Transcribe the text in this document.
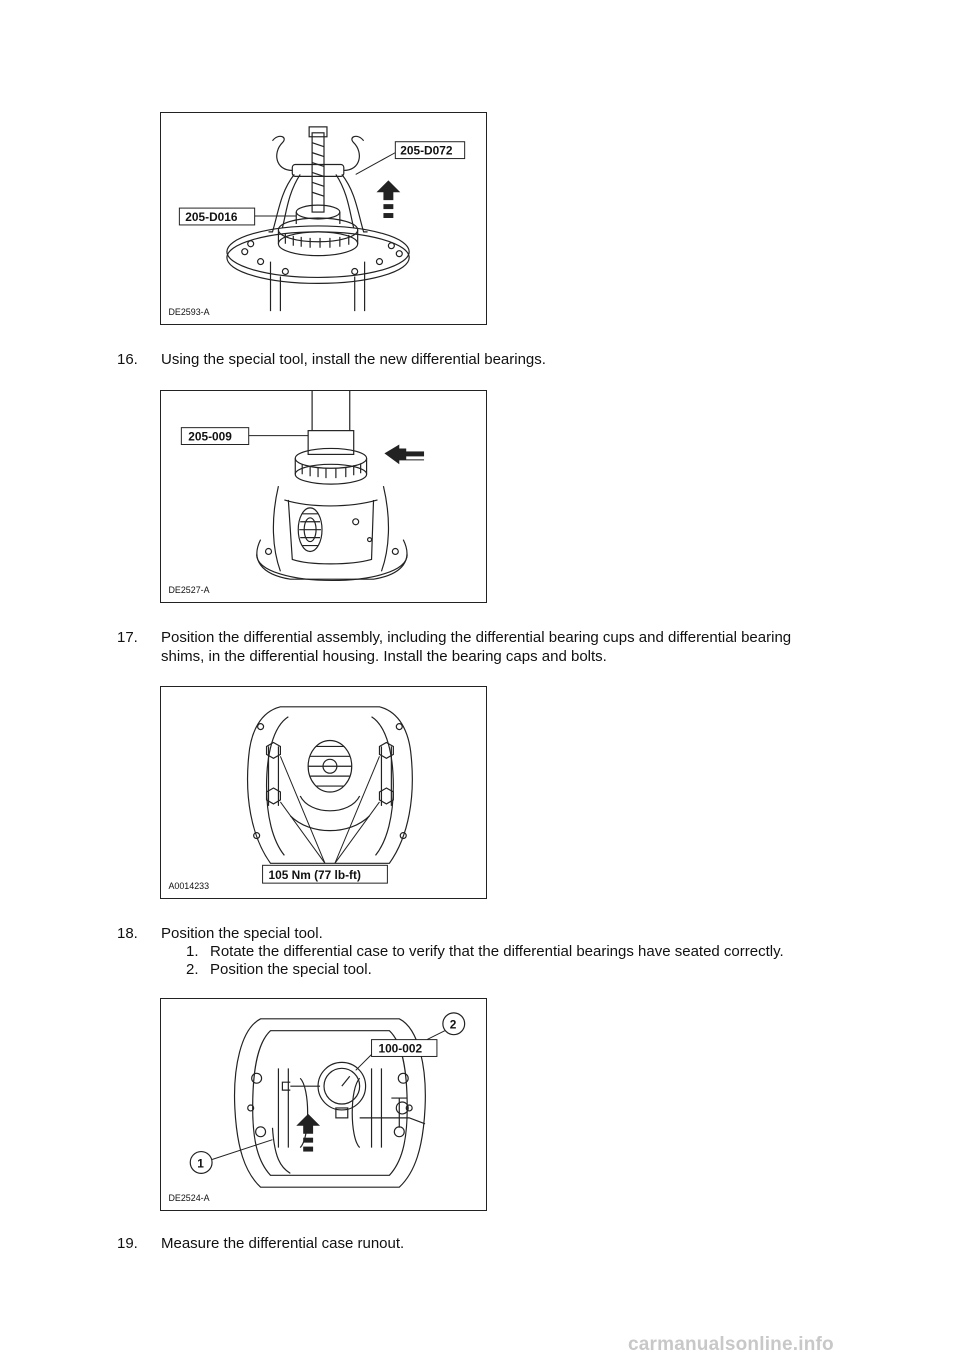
205-D072
205-D016
DE2593-A
16.	Using the special tool, install the new differential bearings.
205-009
DE2527-A
17.	Position the differential assembly, including the differential bearing cups and differential bearing
shims, in the differential housing. Install the bearing caps and bolts.
105 Nm (77 lb-ft)
A0014233
18.	Position the special tool.
1. Rotate the differential case to verify that the differential bearings have seated correctly.
2. Position the special tool.
100-002
2
1
DE2524-A
19.	Measure the differential case runout.
carmanualsonline.info
